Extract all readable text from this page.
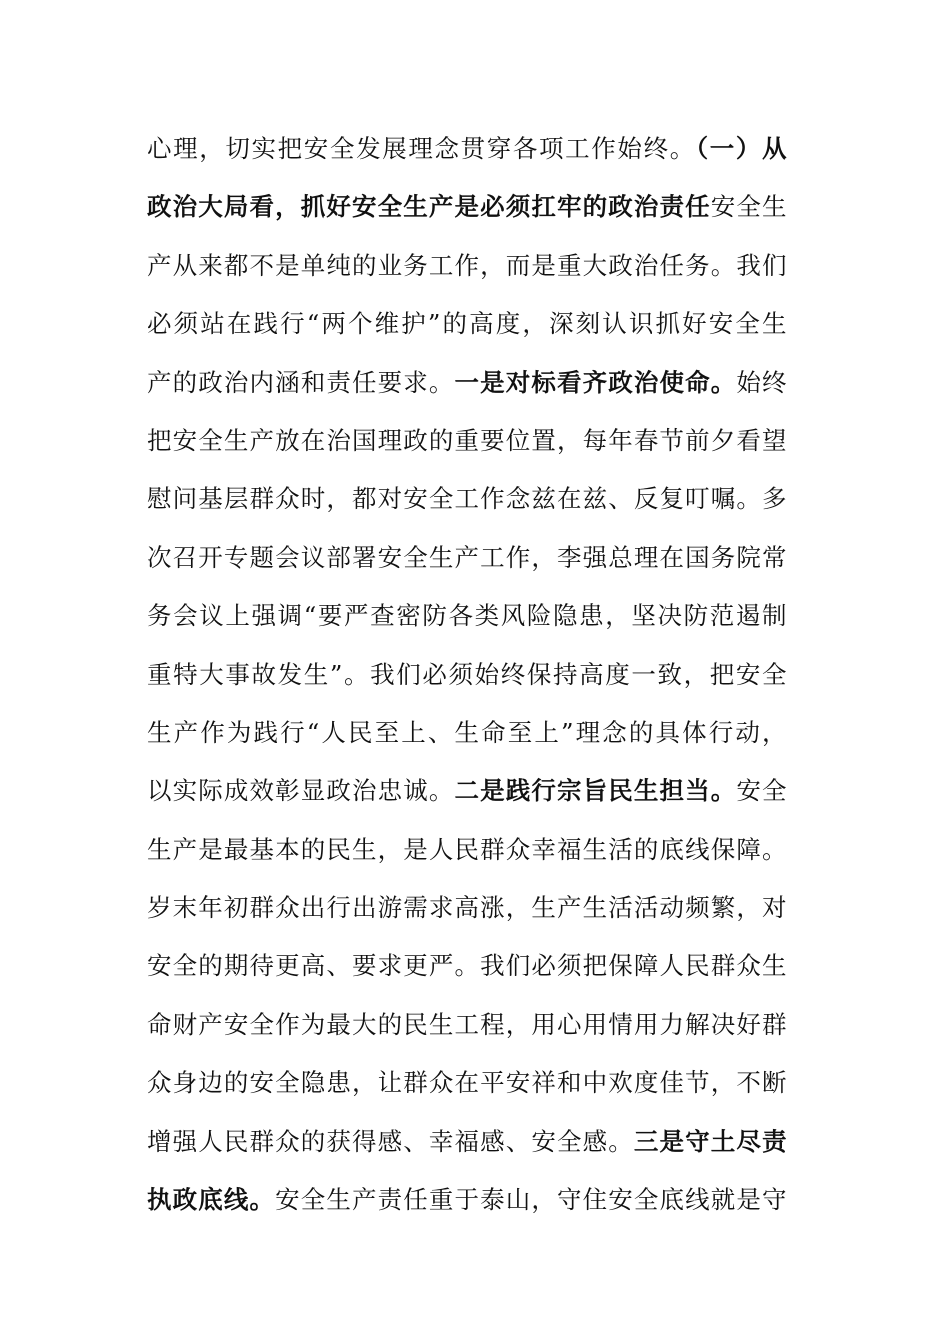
心理，切实把安全发展理念贯穿各项工作始终。（一）从
政治大局看，抓好安全生产是必须扛牢的政治责任安全生
产从来都不是单纯的业务工作，而是重大政治任务。我们
必须站在践行“两个维护”的高度，深刻认识抓好安全生
产的政治内涵和责任要求。一是对标看齐政治使命。始终
把安全生产放在治国理政的重要位置，每年春节前夕看望
慰问基层群众时，都对安全工作念兹在兹、反复叮嘱。多
次召开专题会议部署安全生产工作，李强总理在国务院常
务会议上强调“要严查密防各类风险隐患，坚决防范遏制
重特大事故发生”。我们必须始终保持高度一致，把安全
生产作为践行“人民至上、生命至上”理念的具体行动，
以实际成效彰显政治忠诚。二是践行宗旨民生担当。安全
生产是最基本的民生，是人民群众幸福生活的底线保障。
岁末年初群众出行出游需求高涨，生产生活活动频繁，对
安全的期待更高、要求更严。我们必须把保障人民群众生
命财产安全作为最大的民生工程，用心用情用力解决好群
众身边的安全隐患，让群众在平安祥和中欢度佳节，不断
增强人民群众的获得感、幸福感、安全感。三是守土尽责
执政底线。安全生产责任重于泰山，守住安全底线就是守
